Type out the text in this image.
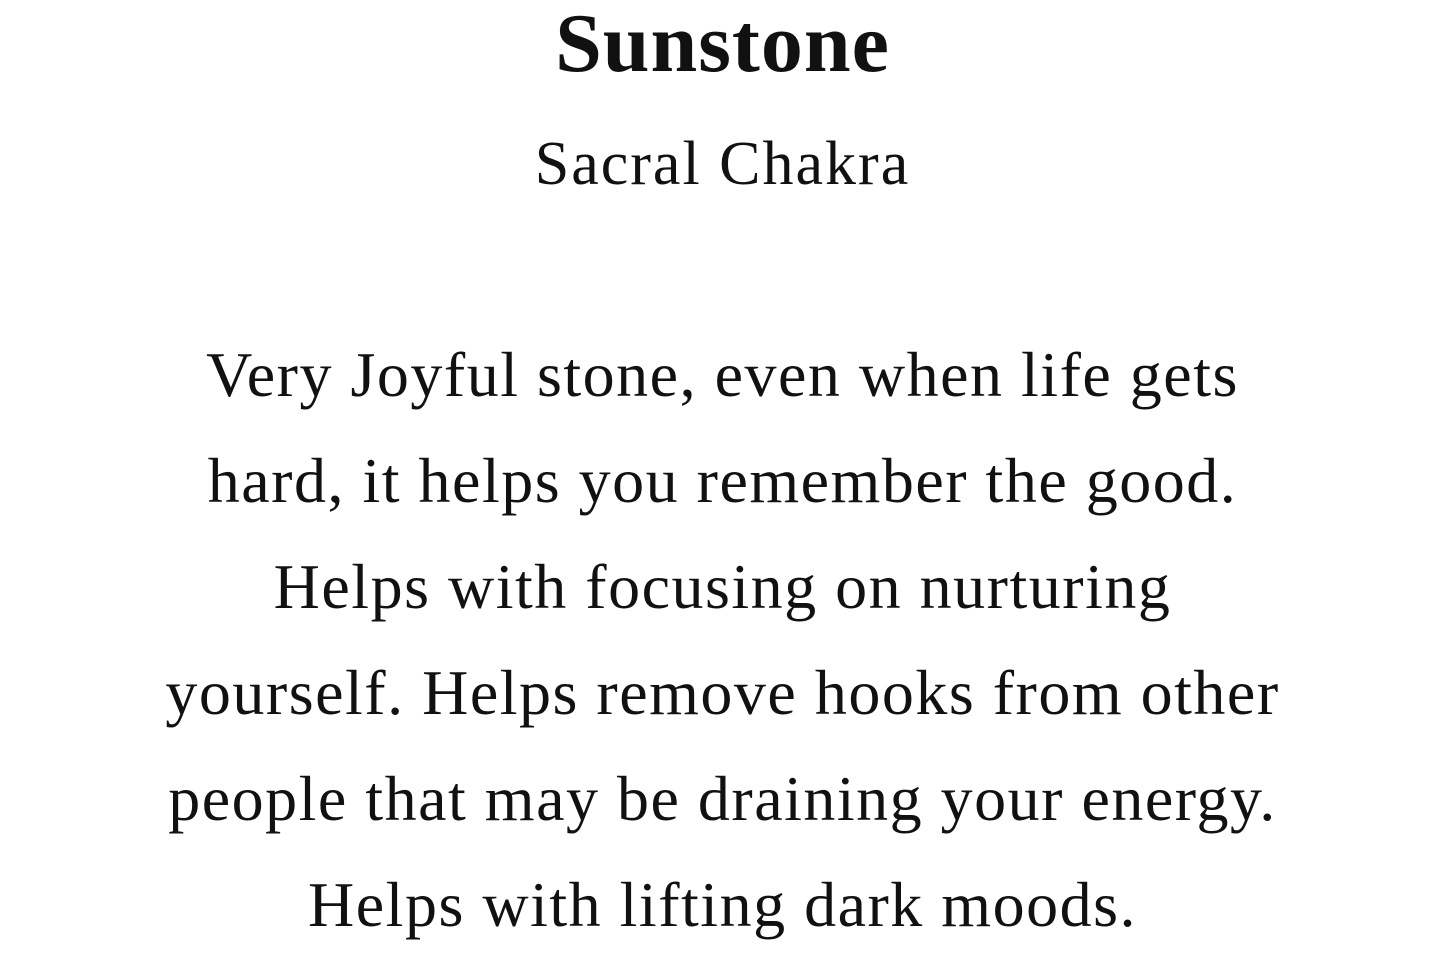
Sunstone
Sacral Chakra
Very Joyful stone, even when life gets
hard, it helps you remember the good.
Helps with focusing on nurturing
yourself. Helps remove hooks from other
people that may be draining your energy.
Helps with lifting dark moods.
